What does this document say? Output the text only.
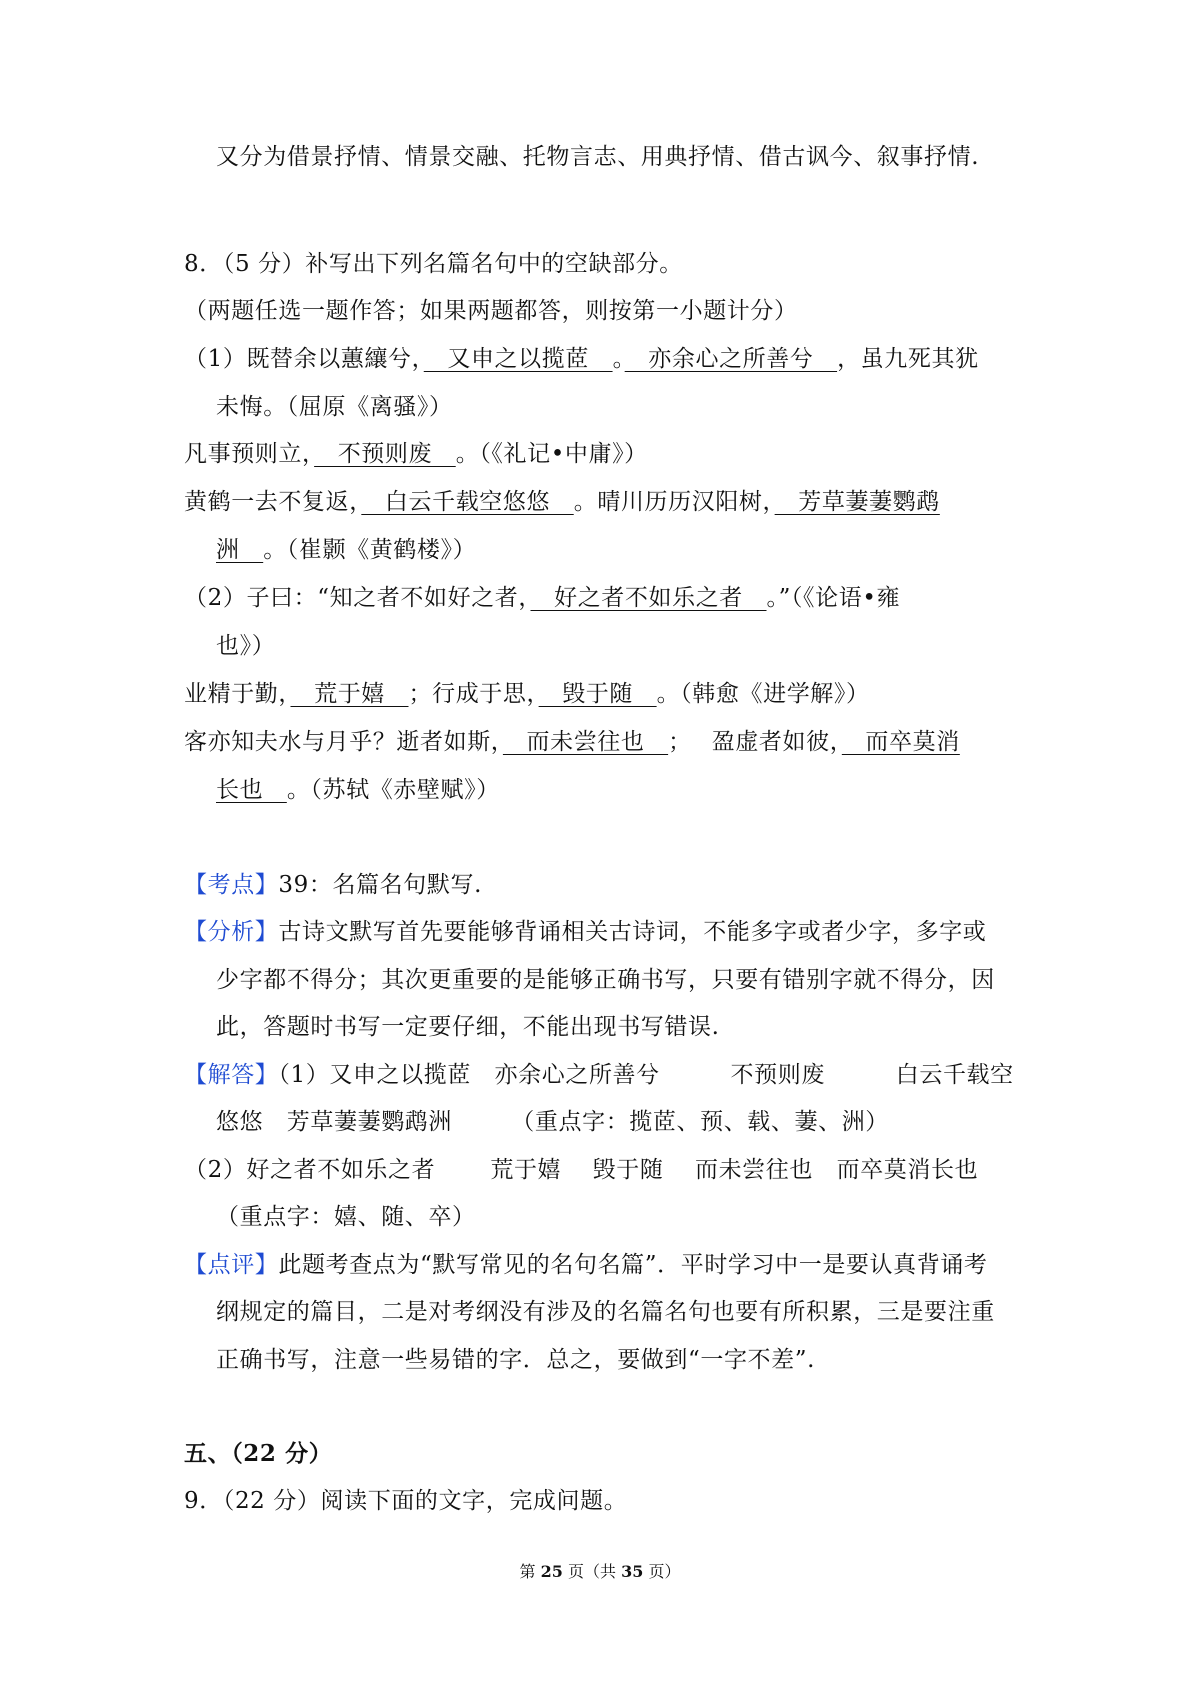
又分为借景抒情、情景交融、托物言志、用典抒情、借古讽今、叙事抒情.
8．（5 分）补写出下列名篇名句中的空缺部分。
（两题任选一题作答；如果两题都答，则按第一小题计分）
（1）既替余以蕙纕兮，　又申之以揽茝　。　亦余心之所善兮　，虽九死其犹
未悔。（屈原《离骚》）
凡事预则立，　不预则废　。（《礼记•中庸》）
黄鹤一去不复返，　白云千载空悠悠　。晴川历历汉阳树，　芳草萋萋鹦鹉
洲　。（崔颢《黄鹤楼》）
（2）子曰：“知之者不如好之者，　好之者不如乐之者　。”（《论语•雍
也》）
业精于勤，　荒于嬉　；行成于思，　毁于随　。（韩愈《进学解》）
客亦知夫水与月乎？逝者如斯，　而未尝往也　；　 盈虚者如彼，　而卒莫消
长也　。（苏轼《赤壁赋》）
【考点】39：名篇名句默写.
【分析】古诗文默写首先要能够背诵相关古诗词，不能多字或者少字，多字或
少字都不得分；其次更重要的是能够正确书写，只要有错别字就不得分，因
此，答题时书写一定要仔细，不能出现书写错误.
【解答】（1）又申之以揽茝　亦余心之所善兮　　　不预则废　　　白云千载空
悠悠　芳草萋萋鹦鹉洲　　　（重点字：揽茝、预、载、萋、洲）
（2）好之者不如乐之者　　 荒于嬉　 毁于随　 而未尝往也　而卒莫消长也
（重点字：嬉、随、卒）
【点评】此题考查点为“默写常见的名句名篇”．平时学习中一是要认真背诵考
纲规定的篇目，二是对考纲没有涉及的名篇名句也要有所积累，三是要注重
正确书写，注意一些易错的字．总之，要做到“一字不差”.
五、（22 分）
9．（22 分）阅读下面的文字，完成问题。
第 25 页（共 35 页）
